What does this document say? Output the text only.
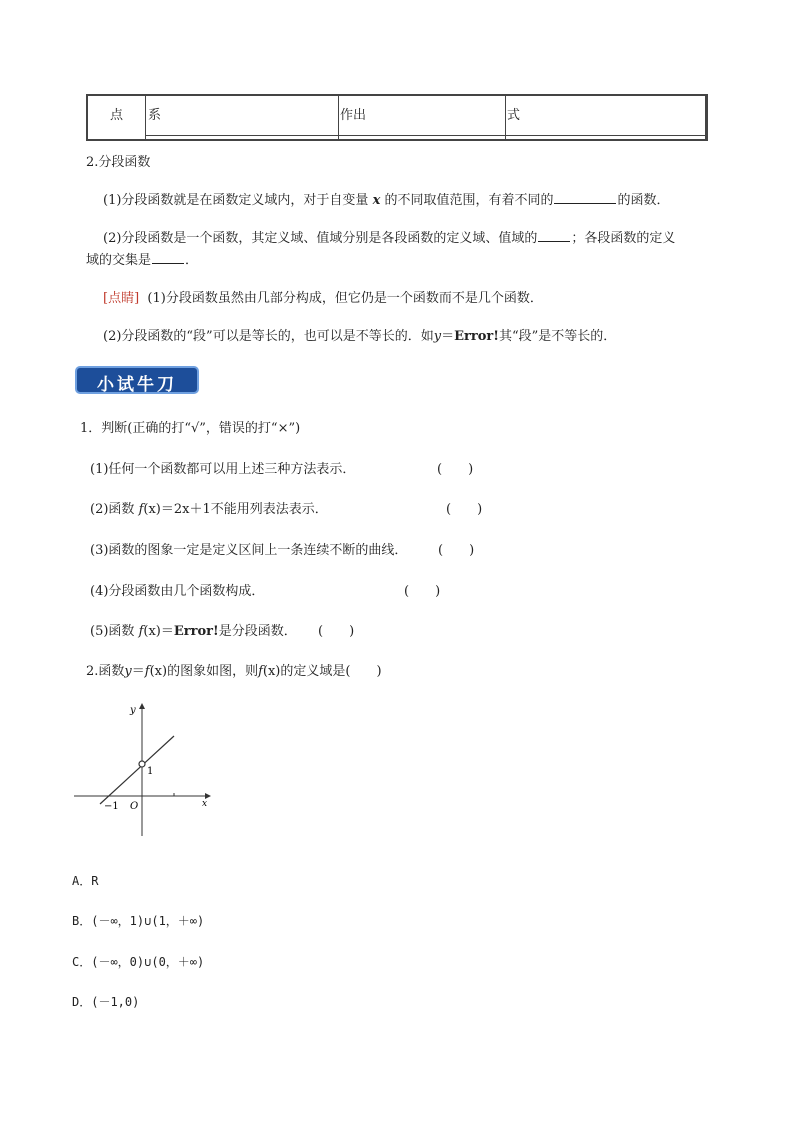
点	系	作出	式
2.分段函数
(1)分段函数就是在函数定义域内，对于自变量 x 的不同取值范围，有着不同的	的函数．
(2)分段函数是一个函数，其定义域、值域分别是各段函数的定义域、值域的	；各段函数的定义
域的交集是	．
[点睛] (1)分段函数虽然由几部分构成，但它仍是一个函数而不是几个函数．
(2)分段函数的“段”可以是等长的，也可以是不等长的．如y＝Error!其“段”是不等长的．
小试牛刀
1．判断(正确的打“√”，错误的打“×”)
(1)任何一个函数都可以用上述三种方法表示．	(　　)
(2)函数 f(x)＝2x＋1不能用列表法表示．	(　　)
(3)函数的图象一定是定义区间上一条连续不断的曲线． (　　)
(4)分段函数由几个函数构成．	(　　)
(5)函数 f(x)＝Error!是分段函数． (　　)
2.函数y＝f(x)的图象如图，则f(x)的定义域是(　　)
y
x
O
−1
1
A．R
B．(－∞，1)∪(1，＋∞)
C．(－∞，0)∪(0，＋∞)
D．(－1,0)
